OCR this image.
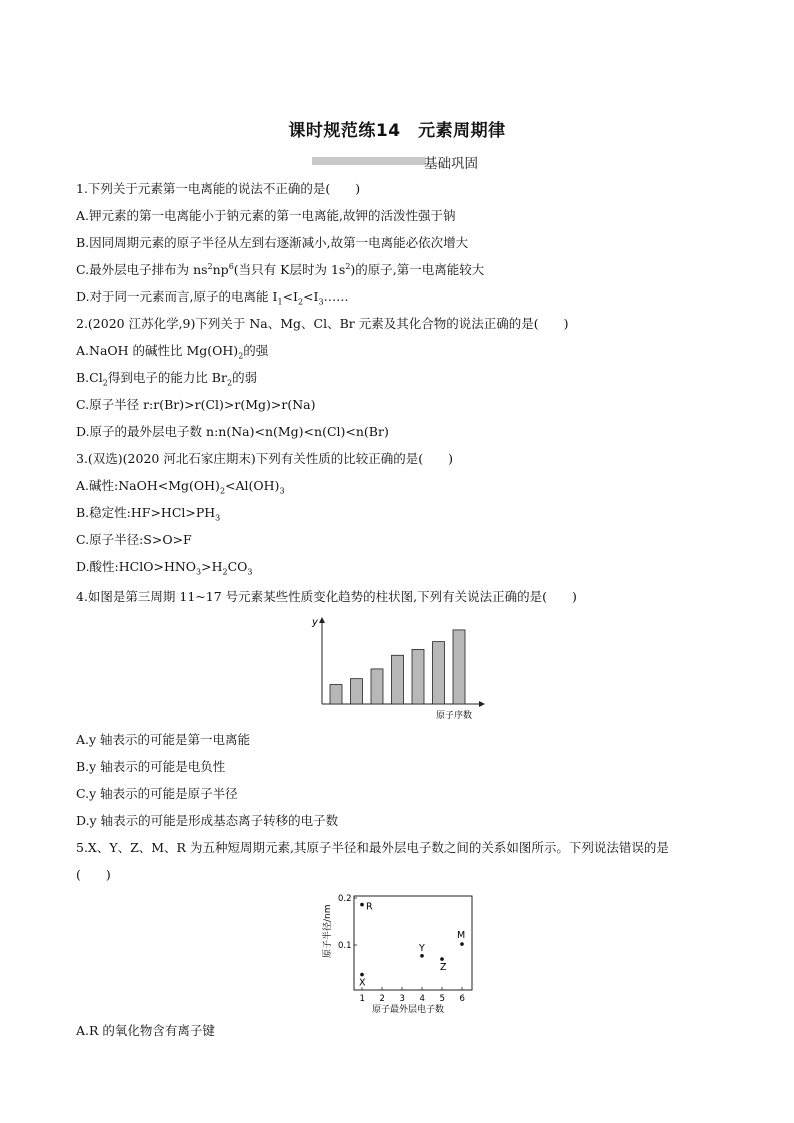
课时规范练14　元素周期律
基础巩固
1.下列关于元素第一电离能的说法不正确的是(　　)
A.钾元素的第一电离能小于钠元素的第一电离能,故钾的活泼性强于钠
B.因同周期元素的原子半径从左到右逐渐减小,故第一电离能必依次增大
C.最外层电子排布为 $ns^2np^6$(当只有 K层时为 $1s^2$)的原子,第一电离能较大
D.对于同一元素而言,原子的电离能 $I_1<I_2<I_3\dots\dots$
2.(2020 江苏化学,9)下列关于 Na、Mg、Cl、Br 元素及其化合物的说法正确的是(　　)
A.NaOH 的碱性比 $Mg(OH)_2$的强
$B.Cl_2$得到电子的能力比 $Br_2$的弱
C.原子半径 r:r(Br)>r(Cl)>r(Mg)>r(Na)
D.原子的最外层电子数 n:n(Na)<n(Mg)<n(Cl)<n(Br)
3.(双选)(2020 河北石家庄期末)下列有关性质的比较正确的是(　　)
A.碱性$:NaOH<Mg(OH)_2<Al(OH)_3$
B.稳定性$:HF>HCl>PH_3$
C.原子半径:S>O>F
D.酸性$:HClO>HNO_3>H_2CO_3$
4.如图是第三周期 11~17 号元素某些性质变化趋势的柱状图,下列有关说法正确的是(　　)
y
原子序数
A.y 轴表示的可能是第一电离能
B.y 轴表示的可能是电负性
C.y 轴表示的可能是原子半径
D.y 轴表示的可能是形成基态离子转移的电子数
5.X、Y、Z、M、R 为五种短周期元素,其原子半径和最外层电子数之间的关系如图所示。下列说法错误的是
(　　)
原子半径/nm
原子最外层电子数
1 2 3 4 5 6
0.1
0.2
R
X
Y
Z
M
A.R 的氧化物含有离子键
